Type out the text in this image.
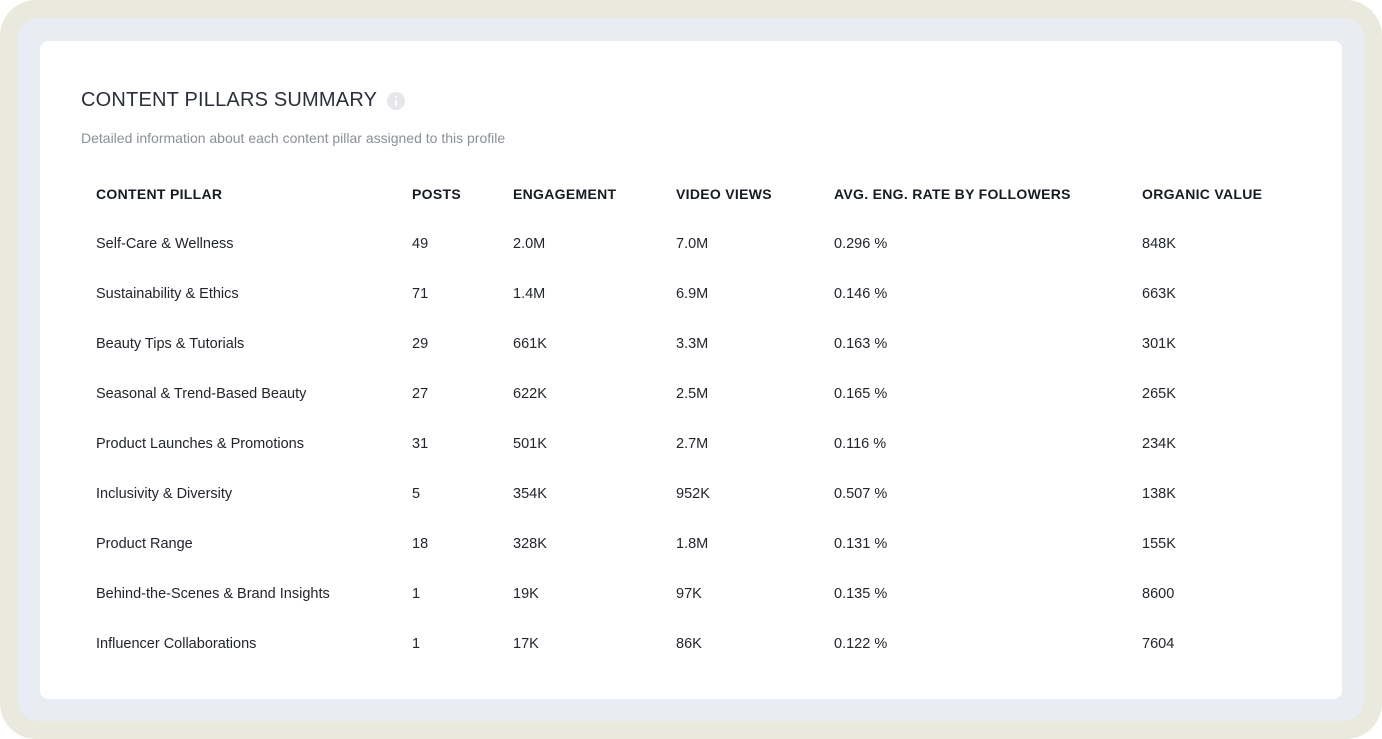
CONTENT PILLARS SUMMARY
Detailed information about each content pillar assigned to this profile
CONTENT PILLAR	POSTS	ENGAGEMENT	VIDEO VIEWS	AVG. ENG. RATE BY FOLLOWERS	ORGANIC VALUE
Self-Care & Wellness	49	2.0M	7.0M	0.296 %	848K
Sustainability & Ethics	71	1.4M	6.9M	0.146 %	663K
Beauty Tips & Tutorials	29	661K	3.3M	0.163 %	301K
Seasonal & Trend-Based Beauty	27	622K	2.5M	0.165 %	265K
Product Launches & Promotions	31	501K	2.7M	0.116 %	234K
Inclusivity & Diversity	5	354K	952K	0.507 %	138K
Product Range	18	328K	1.8M	0.131 %	155K
Behind-the-Scenes & Brand Insights	1	19K	97K	0.135 %	8600
Influencer Collaborations	1	17K	86K	0.122 %	7604
